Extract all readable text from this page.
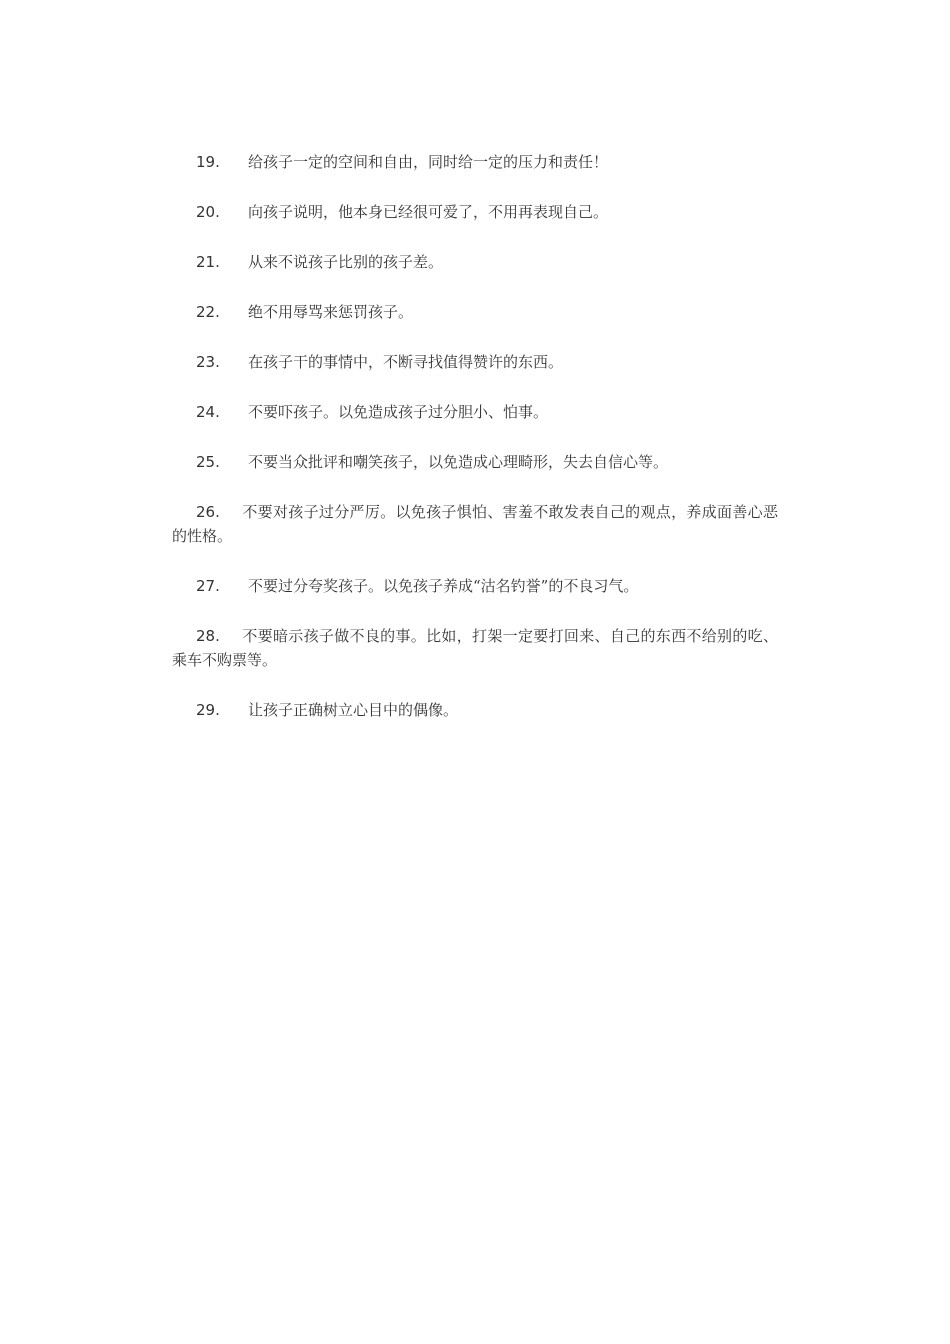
19. 给孩子一定的空间和自由，同时给一定的压力和责任！

20. 向孩子说明，他本身已经很可爱了，不用再表现自己。

21. 从来不说孩子比别的孩子差。

22. 绝不用辱骂来惩罚孩子。

23. 在孩子干的事情中，不断寻找值得赞许的东西。

24. 不要吓孩子。以免造成孩子过分胆小、怕事。

25. 不要当众批评和嘲笑孩子，以免造成心理畸形，失去自信心等。

26. 不要对孩子过分严厉。以免孩子惧怕、害羞不敢发表自己的观点，养成面善心恶的性格。

27. 不要过分夸奖孩子。以免孩子养成“沽名钓誉”的不良习气。

28. 不要暗示孩子做不良的事。比如，打架一定要打回来、自己的东西不给别的吃、乘车不购票等。

29. 让孩子正确树立心目中的偶像。
